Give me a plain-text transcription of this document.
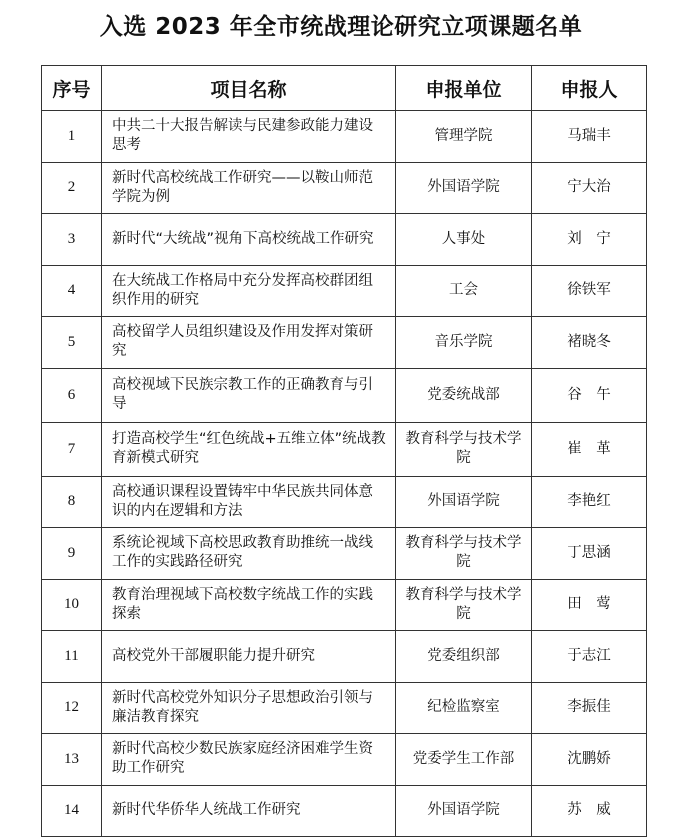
入选 2023 年全市统战理论研究立项课题名单
序号	项目名称	申报单位	申报人
1	中共二十大报告解读与民建参政能力建设思考	管理学院	马瑞丰
2	新时代高校统战工作研究——以鞍山师范学院为例	外国语学院	宁大治
3	新时代“大统战”视角下高校统战工作研究	人事处	刘　宁
4	在大统战工作格局中充分发挥高校群团组织作用的研究	工会	徐铁军
5	高校留学人员组织建设及作用发挥对策研究	音乐学院	褚晓冬
6	高校视域下民族宗教工作的正确教育与引导	党委统战部	谷　午
7	打造高校学生“红色统战+五维立体”统战教育新模式研究	教育科学与技术学院	崔　革
8	高校通识课程设置铸牢中华民族共同体意识的内在逻辑和方法	外国语学院	李艳红
9	系统论视域下高校思政教育助推统一战线工作的实践路径研究	教育科学与技术学院	丁思涵
10	教育治理视域下高校数字统战工作的实践探索	教育科学与技术学院	田　莺
11	高校党外干部履职能力提升研究	党委组织部	于志江
12	新时代高校党外知识分子思想政治引领与廉洁教育探究	纪检监察室	李振佳
13	新时代高校少数民族家庭经济困难学生资助工作研究	党委学生工作部	沈鹏娇
14	新时代华侨华人统战工作研究	外国语学院	苏　威
